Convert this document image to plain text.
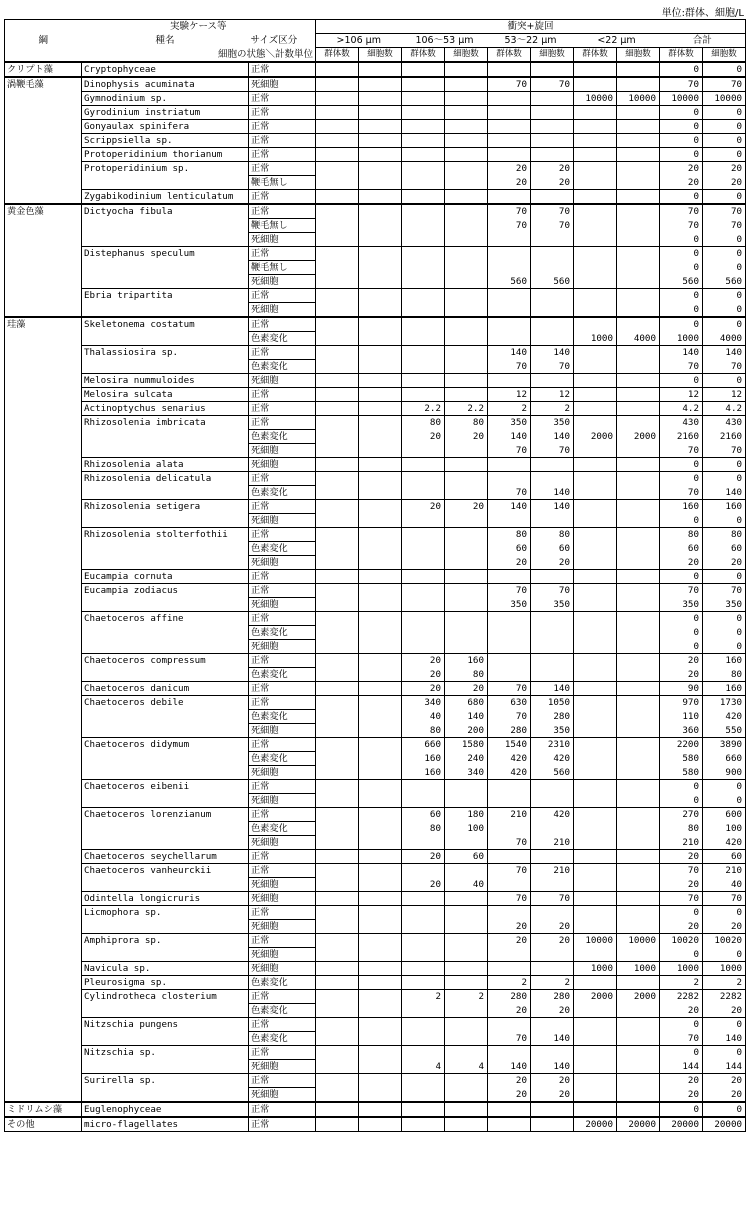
単位:群体、細胞/L
	実験ケース等		衝突+旋回									
綱	種名	サイズ区分	>106 μm		106～53 μm		53～22 μm		<22 μm		合計	
	細胞の状態＼計数単位		群体数	細胞数	群体数	細胞数	群体数	細胞数	群体数	細胞数	群体数	細胞数
クリプト藻	Cryptophyceae	正常									0	0
渦鞭毛藻	Dinophysis acuminata	死細胞					70	70			70	70
	Gymnodinium sp.	正常							10000	10000	10000	10000
	Gyrodinium instriatum	正常									0	0
	Gonyaulax spinifera	正常									0	0
	Scrippsiella sp.	正常									0	0
	Protoperidinium thorianum	正常									0	0
	Protoperidinium sp.	正常					20	20			20	20
		鞭毛無し					20	20			20	20
	Zygabikodinium lenticulatum	正常									0	0
黄金色藻	Dictyocha fibula	正常					70	70			70	70
		鞭毛無し					70	70			70	70
		死細胞									0	0
	Distephanus speculum	正常									0	0
		鞭毛無し									0	0
		死細胞					560	560			560	560
	Ebria tripartita	正常									0	0
		死細胞									0	0
珪藻	Skeletonema costatum	正常									0	0
		色素変化							1000	4000	1000	4000
	Thalassiosira sp.	正常					140	140			140	140
		色素変化					70	70			70	70
	Melosira nummuloides	死細胞									0	0
	Melosira sulcata	正常					12	12			12	12
	Actinoptychus senarius	正常			2.2	2.2	2	2			4.2	4.2
	Rhizosolenia imbricata	正常			80	80	350	350			430	430
		色素変化			20	20	140	140	2000	2000	2160	2160
		死細胞					70	70			70	70
	Rhizosolenia alata	死細胞									0	0
	Rhizosolenia delicatula	正常									0	0
		色素変化					70	140			70	140
	Rhizosolenia setigera	正常			20	20	140	140			160	160
		死細胞									0	0
	Rhizosolenia stolterfothii	正常					80	80			80	80
		色素変化					60	60			60	60
		死細胞					20	20			20	20
	Eucampia cornuta	正常									0	0
	Eucampia zodiacus	正常					70	70			70	70
		死細胞					350	350			350	350
	Chaetoceros affine	正常									0	0
		色素変化									0	0
		死細胞									0	0
	Chaetoceros compressum	正常			20	160					20	160
		色素変化			20	80					20	80
	Chaetoceros danicum	正常			20	20	70	140			90	160
	Chaetoceros debile	正常			340	680	630	1050			970	1730
		色素変化			40	140	70	280			110	420
		死細胞			80	200	280	350			360	550
	Chaetoceros didymum	正常			660	1580	1540	2310			2200	3890
		色素変化			160	240	420	420			580	660
		死細胞			160	340	420	560			580	900
	Chaetoceros eibenii	正常									0	0
		死細胞									0	0
	Chaetoceros lorenzianum	正常			60	180	210	420			270	600
		色素変化			80	100					80	100
		死細胞					70	210			210	420
	Chaetoceros seychellarum	正常			20	60					20	60
	Chaetoceros vanheurckii	正常					70	210			70	210
		死細胞			20	40					20	40
	Odintella longicruris	死細胞					70	70			70	70
	Licmophora sp.	正常									0	0
		死細胞					20	20			20	20
	Amphiprora sp.	正常					20	20	10000	10000	10020	10020
		死細胞									0	0
	Navicula sp.	死細胞							1000	1000	1000	1000
	Pleurosigma sp.	色素変化					2	2			2	2
	Cylindrotheca closterium	正常			2	2	280	280	2000	2000	2282	2282
		色素変化					20	20			20	20
	Nitzschia pungens	正常									0	0
		色素変化					70	140			70	140
	Nitzschia sp.	正常									0	0
		死細胞			4	4	140	140			144	144
	Surirella sp.	正常					20	20			20	20
		死細胞					20	20			20	20
ミドリムシ藻	Euglenophyceae	正常									0	0
その他	micro-flagellates	正常							20000	20000	20000	20000
